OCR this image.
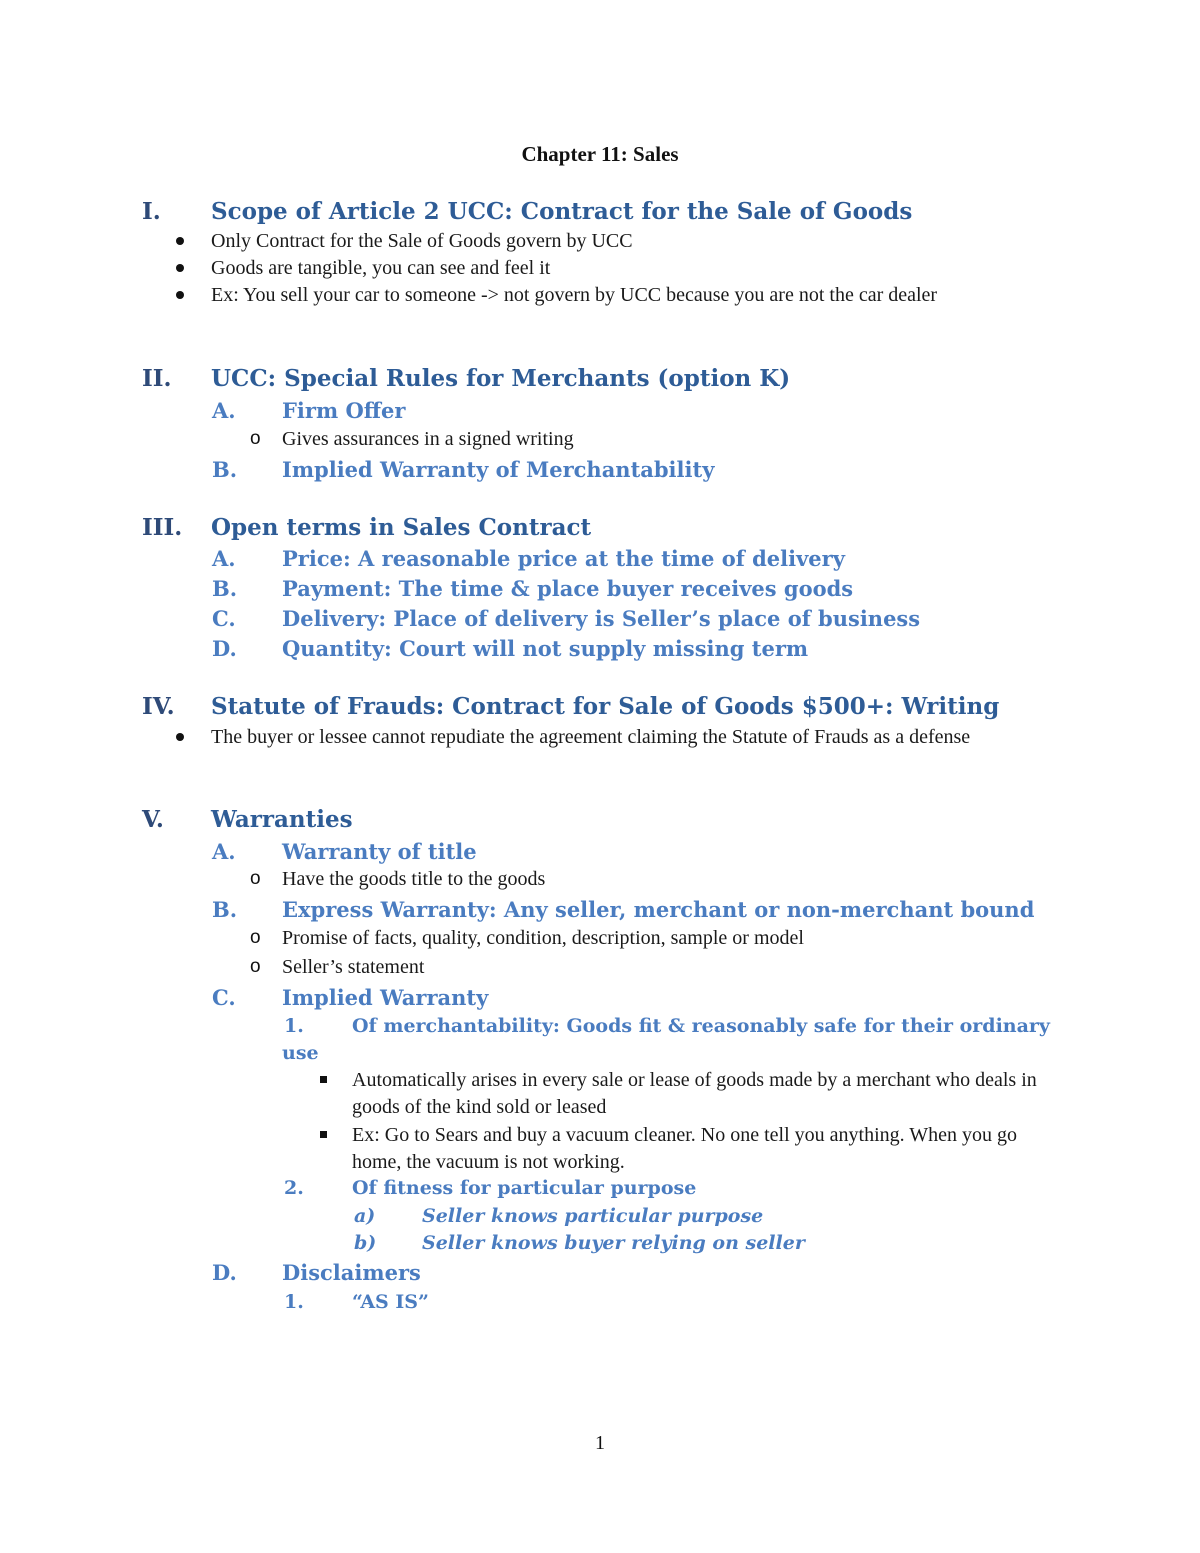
Chapter 11: Sales
I. Scope of Article 2 UCC: Contract for the Sale of Goods
Only Contract for the Sale of Goods govern by UCC
Goods are tangible, you can see and feel it
Ex: You sell your car to someone -> not govern by UCC because you are not the car dealer
II. UCC: Special Rules for Merchants (option K)
A. Firm Offer
o Gives assurances in a signed writing
B. Implied Warranty of Merchantability
III. Open terms in Sales Contract
A. Price: A reasonable price at the time of delivery
B. Payment: The time & place buyer receives goods
C. Delivery: Place of delivery is Seller’s place of business
D. Quantity: Court will not supply missing term
IV. Statute of Frauds: Contract for Sale of Goods $500+: Writing
The buyer or lessee cannot repudiate the agreement claiming the Statute of Frauds as a defense
V. Warranties
A. Warranty of title
o Have the goods title to the goods
B. Express Warranty: Any seller, merchant or non-merchant bound
o Promise of facts, quality, condition, description, sample or model
o Seller’s statement
C. Implied Warranty
1.	Of merchantability: Goods fit & reasonably safe for their ordinary use
Automatically arises in every sale or lease of goods made by a merchant who deals in goods of the kind sold or leased
Ex: Go to Sears and buy a vacuum cleaner. No one tell you anything. When you go home, the vacuum is not working.
2.	Of fitness for particular purpose
a) Seller knows particular purpose
b) Seller knows buyer relying on seller
D. Disclaimers
1.	“AS IS”
1
